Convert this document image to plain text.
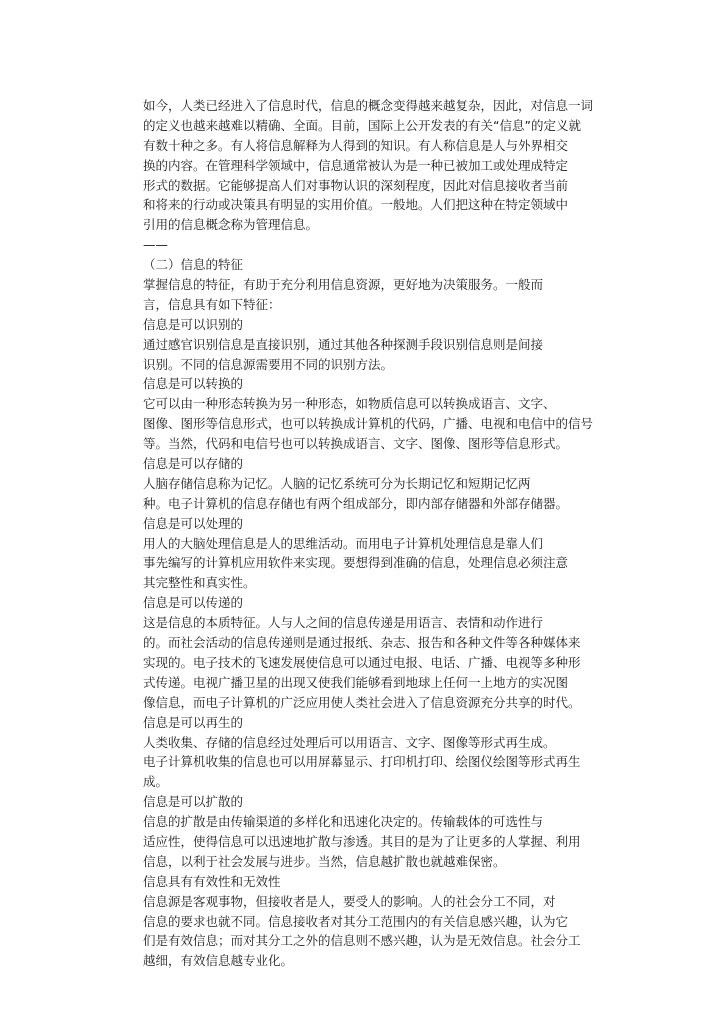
如今，人类已经进入了信息时代，信息的概念变得越来越复杂，因此，对信息一词
的定义也越来越难以精确、全面。目前，国际上公开发表的有关“信息”的定义就
有数十种之多。有人将信息解释为人得到的知识。有人称信息是人与外界相交
换的内容。在管理科学领域中，信息通常被认为是一种已被加工或处理成特定
形式的数据。它能够提高人们对事物认识的深刻程度，因此对信息接收者当前
和将来的行动或决策具有明显的实用价值。一般地。人们把这种在特定领域中
引用的信息概念称为管理信息。
——
（二）信息的特征
掌握信息的特征，有助于充分利用信息资源，更好地为决策服务。一般而
言，信息具有如下特征：
信息是可以识别的
通过感官识别信息是直接识别，通过其他各种探测手段识别信息则是间接
识别。不同的信息源需要用不同的识别方法。
信息是可以转换的
它可以由一种形态转换为另一种形态，如物质信息可以转换成语言、文字、
图像、图形等信息形式，也可以转换成计算机的代码，广播、电视和电信中的信号
等。当然，代码和电信号也可以转换成语言、文字、图像、图形等信息形式。
信息是可以存储的
人脑存储信息称为记忆。人脑的记忆系统可分为长期记忆和短期记忆两
种。电子计算机的信息存储也有两个组成部分，即内部存储器和外部存储器。
信息是可以处理的
用人的大脑处理信息是人的思维活动。而用电子计算机处理信息是靠人们
事先编写的计算机应用软件来实现。要想得到准确的信息，处理信息必须注意
其完整性和真实性。
信息是可以传递的
这是信息的本质特征。人与人之间的信息传递是用语言、表情和动作进行
的。而社会活动的信息传递则是通过报纸、杂志、报告和各种文件等各种媒体来
实现的。电子技术的飞速发展使信息可以通过电报、电话、广播、电视等多种形
式传递。电视广播卫星的出现又使我们能够看到地球上任何一上地方的实况图
像信息，而电子计算机的广泛应用使人类社会进入了信息资源充分共享的时代。
信息是可以再生的
人类收集、存储的信息经过处理后可以用语言、文字、图像等形式再生成。
电子计算机收集的信息也可以用屏幕显示、打印机打印、绘图仪绘图等形式再生
成。
信息是可以扩散的
信息的扩散是由传输渠道的多样化和迅速化决定的。传输载体的可选性与
适应性，使得信息可以迅速地扩散与渗透。其目的是为了让更多的人掌握、利用
信息，以利于社会发展与进步。当然，信息越扩散也就越难保密。
信息具有有效性和无效性
信息源是客观事物，但接收者是人，要受人的影响。人的社会分工不同，对
信息的要求也就不同。信息接收者对其分工范围内的有关信息感兴趣，认为它
们是有效信息；而对其分工之外的信息则不感兴趣，认为是无效信息。社会分工
越细，有效信息越专业化。
